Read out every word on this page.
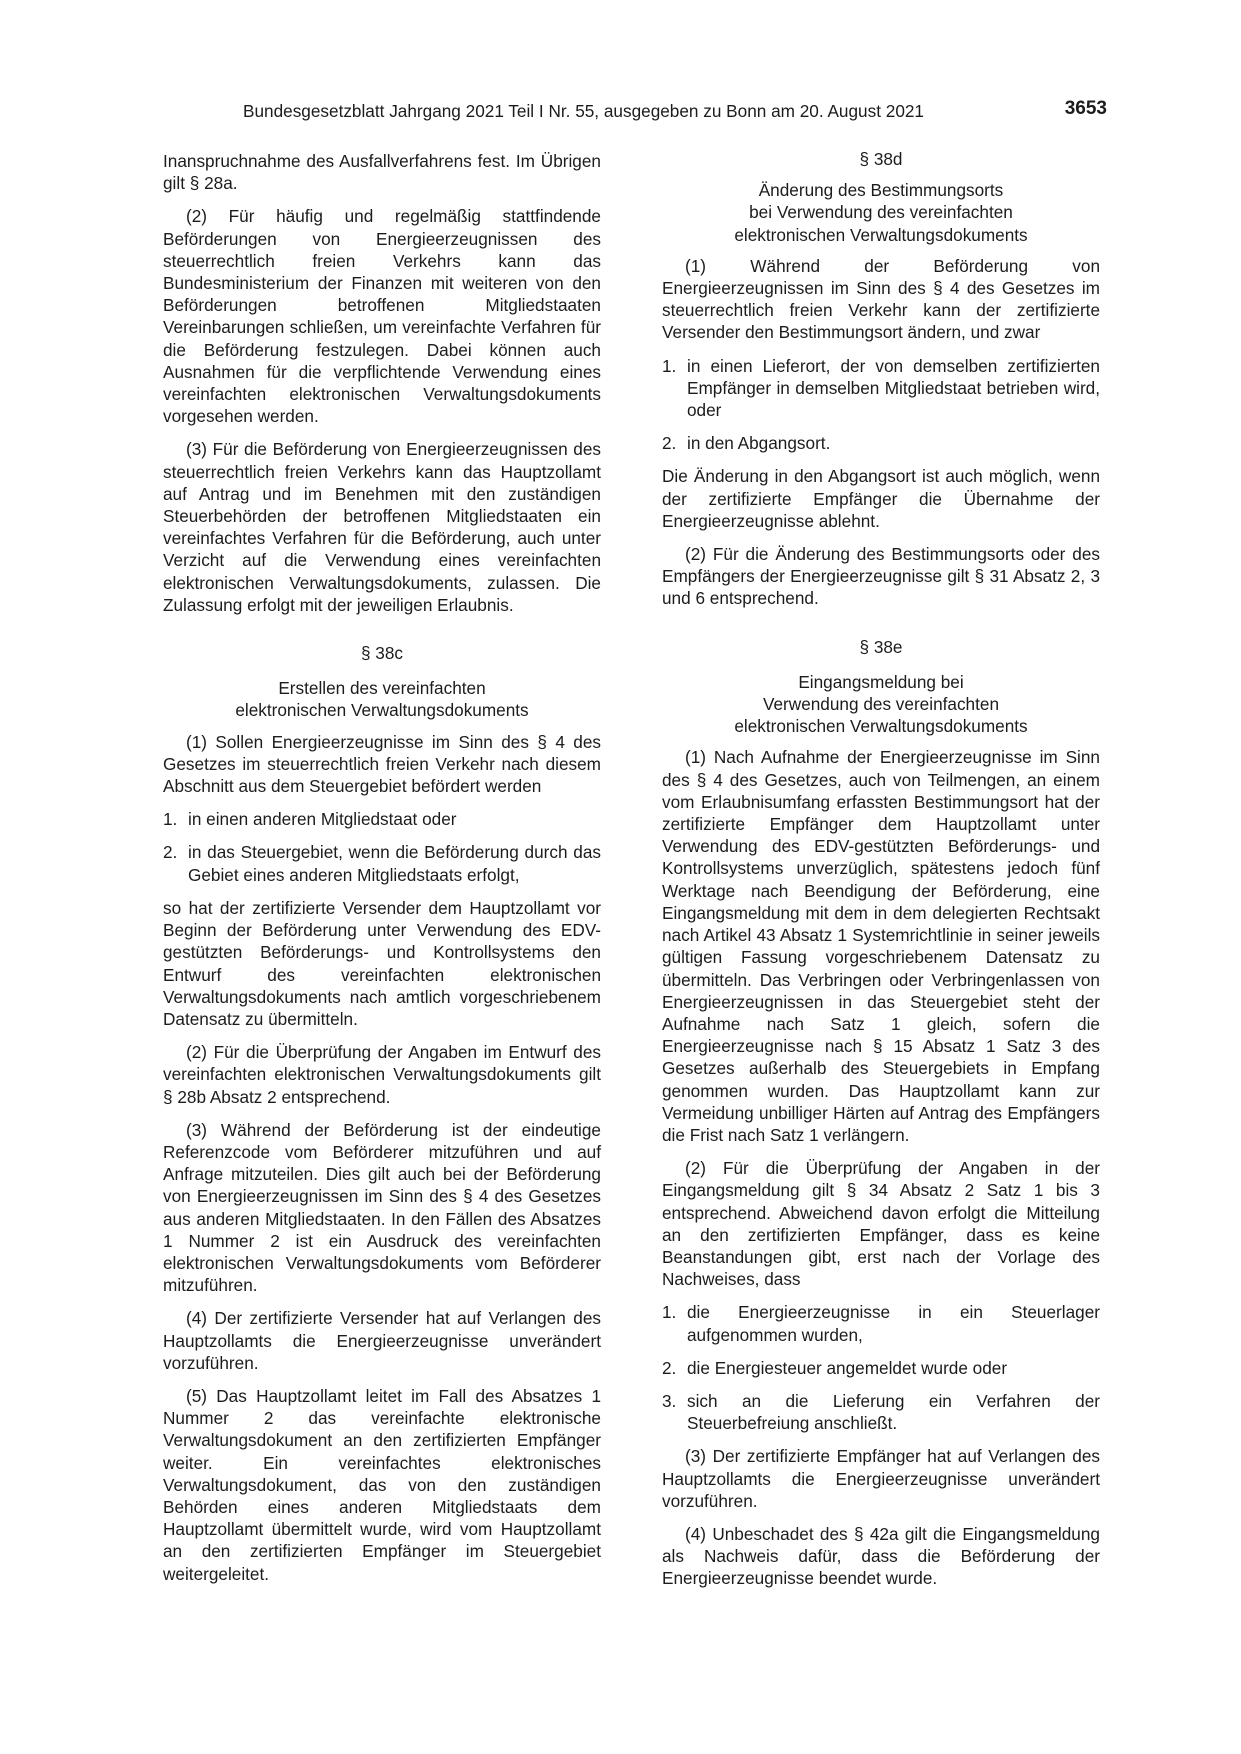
Bundesgesetzblatt Jahrgang 2021 Teil I Nr. 55, ausgegeben zu Bonn am 20. August 2021	3653

Inanspruchnahme des Ausfallverfahrens fest. Im Übrigen gilt § 28a.

(2) Für häufig und regelmäßig stattfindende Beförderungen von Energieerzeugnissen des steuerrechtlich freien Verkehrs kann das Bundesministerium der Finanzen mit weiteren von den Beförderungen betroffenen Mitgliedstaaten Vereinbarungen schließen, um vereinfachte Verfahren für die Beförderung festzulegen. Dabei können auch Ausnahmen für die verpflichtende Verwendung eines vereinfachten elektronischen Verwaltungsdokuments vorgesehen werden.

(3) Für die Beförderung von Energieerzeugnissen des steuerrechtlich freien Verkehrs kann das Hauptzollamt auf Antrag und im Benehmen mit den zuständigen Steuerbehörden der betroffenen Mitgliedstaaten ein vereinfachtes Verfahren für die Beförderung, auch unter Verzicht auf die Verwendung eines vereinfachten elektronischen Verwaltungsdokuments, zulassen. Die Zulassung erfolgt mit der jeweiligen Erlaubnis.

§ 38c
Erstellen des vereinfachten
elektronischen Verwaltungsdokuments

(1) Sollen Energieerzeugnisse im Sinn des § 4 des Gesetzes im steuerrechtlich freien Verkehr nach diesem Abschnitt aus dem Steuergebiet befördert werden

1. in einen anderen Mitgliedstaat oder
2. in das Steuergebiet, wenn die Beförderung durch das Gebiet eines anderen Mitgliedstaats erfolgt,

so hat der zertifizierte Versender dem Hauptzollamt vor Beginn der Beförderung unter Verwendung des EDV-gestützten Beförderungs- und Kontrollsystems den Entwurf des vereinfachten elektronischen Verwaltungsdokuments nach amtlich vorgeschriebenem Datensatz zu übermitteln.

(2) Für die Überprüfung der Angaben im Entwurf des vereinfachten elektronischen Verwaltungsdokuments gilt § 28b Absatz 2 entsprechend.

(3) Während der Beförderung ist der eindeutige Referenzcode vom Beförderer mitzuführen und auf Anfrage mitzuteilen. Dies gilt auch bei der Beförderung von Energieerzeugnissen im Sinn des § 4 des Gesetzes aus anderen Mitgliedstaaten. In den Fällen des Absatzes 1 Nummer 2 ist ein Ausdruck des vereinfachten elektronischen Verwaltungsdokuments vom Beförderer mitzuführen.

(4) Der zertifizierte Versender hat auf Verlangen des Hauptzollamts die Energieerzeugnisse unverändert vorzuführen.

(5) Das Hauptzollamt leitet im Fall des Absatzes 1 Nummer 2 das vereinfachte elektronische Verwaltungsdokument an den zertifizierten Empfänger weiter. Ein vereinfachtes elektronisches Verwaltungsdokument, das von den zuständigen Behörden eines anderen Mitgliedstaats dem Hauptzollamt übermittelt wurde, wird vom Hauptzollamt an den zertifizierten Empfänger im Steuergebiet weitergeleitet.

§ 38d
Änderung des Bestimmungsorts
bei Verwendung des vereinfachten
elektronischen Verwaltungsdokuments

(1) Während der Beförderung von Energieerzeugnissen im Sinn des § 4 des Gesetzes im steuerrechtlich freien Verkehr kann der zertifizierte Versender den Bestimmungsort ändern, und zwar

1. in einen Lieferort, der von demselben zertifizierten Empfänger in demselben Mitgliedstaat betrieben wird, oder
2. in den Abgangsort.

Die Änderung in den Abgangsort ist auch möglich, wenn der zertifizierte Empfänger die Übernahme der Energieerzeugnisse ablehnt.

(2) Für die Änderung des Bestimmungsorts oder des Empfängers der Energieerzeugnisse gilt § 31 Absatz 2, 3 und 6 entsprechend.

§ 38e
Eingangsmeldung bei
Verwendung des vereinfachten
elektronischen Verwaltungsdokuments

(1) Nach Aufnahme der Energieerzeugnisse im Sinn des § 4 des Gesetzes, auch von Teilmengen, an einem vom Erlaubnisumfang erfassten Bestimmungsort hat der zertifizierte Empfänger dem Hauptzollamt unter Verwendung des EDV-gestützten Beförderungs- und Kontrollsystems unverzüglich, spätestens jedoch fünf Werktage nach Beendigung der Beförderung, eine Eingangsmeldung mit dem in dem delegierten Rechtsakt nach Artikel 43 Absatz 1 Systemrichtlinie in seiner jeweils gültigen Fassung vorgeschriebenem Datensatz zu übermitteln. Das Verbringen oder Verbringenlassen von Energieerzeugnissen in das Steuergebiet steht der Aufnahme nach Satz 1 gleich, sofern die Energieerzeugnisse nach § 15 Absatz 1 Satz 3 des Gesetzes außerhalb des Steuergebiets in Empfang genommen wurden. Das Hauptzollamt kann zur Vermeidung unbilliger Härten auf Antrag des Empfängers die Frist nach Satz 1 verlängern.

(2) Für die Überprüfung der Angaben in der Eingangsmeldung gilt § 34 Absatz 2 Satz 1 bis 3 entsprechend. Abweichend davon erfolgt die Mitteilung an den zertifizierten Empfänger, dass es keine Beanstandungen gibt, erst nach der Vorlage des Nachweises, dass

1. die Energieerzeugnisse in ein Steuerlager aufgenommen wurden,
2. die Energiesteuer angemeldet wurde oder
3. sich an die Lieferung ein Verfahren der Steuerbefreiung anschließt.

(3) Der zertifizierte Empfänger hat auf Verlangen des Hauptzollamts die Energieerzeugnisse unverändert vorzuführen.

(4) Unbeschadet des § 42a gilt die Eingangsmeldung als Nachweis dafür, dass die Beförderung der Energieerzeugnisse beendet wurde.
